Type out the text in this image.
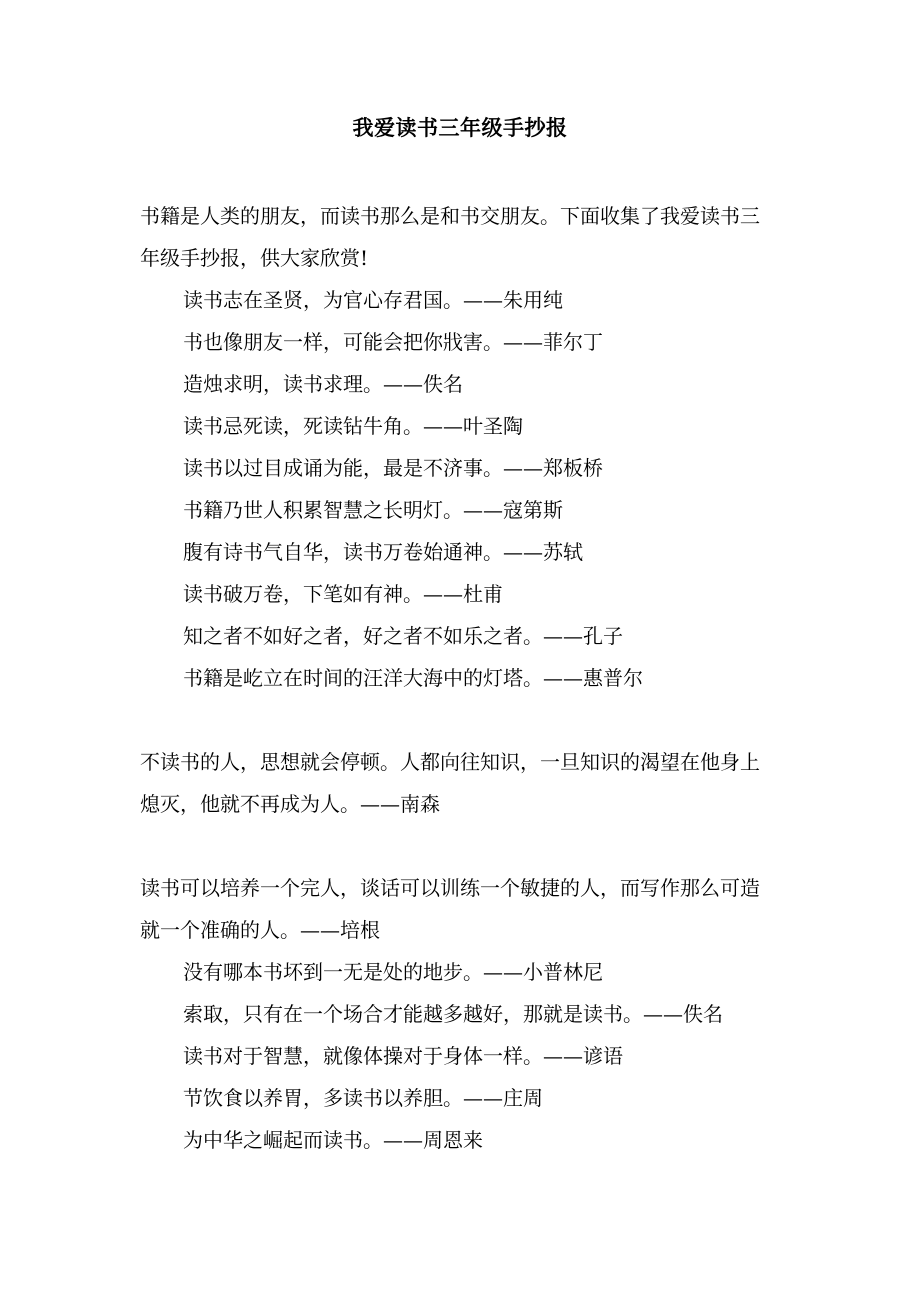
我爱读书三年级手抄报
书籍是人类的朋友，而读书那么是和书交朋友。下面收集了我爱读书三年级手抄报，供大家欣赏!
读书志在圣贤，为官心存君国。——朱用纯
书也像朋友一样，可能会把你戕害。——菲尔丁
造烛求明，读书求理。——佚名
读书忌死读，死读钻牛角。——叶圣陶
读书以过目成诵为能，最是不济事。——郑板桥
书籍乃世人积累智慧之长明灯。——寇第斯
腹有诗书气自华，读书万卷始通神。——苏轼
读书破万卷，下笔如有神。——杜甫
知之者不如好之者，好之者不如乐之者。——孔子
书籍是屹立在时间的汪洋大海中的灯塔。——惠普尔
不读书的人，思想就会停顿。人都向往知识，一旦知识的渴望在他身上熄灭，他就不再成为人。——南森
读书可以培养一个完人，谈话可以训练一个敏捷的人，而写作那么可造就一个准确的人。——培根
没有哪本书坏到一无是处的地步。——小普林尼
索取，只有在一个场合才能越多越好，那就是读书。——佚名
读书对于智慧，就像体操对于身体一样。——谚语
节饮食以养胃，多读书以养胆。——庄周
为中华之崛起而读书。——周恩来
